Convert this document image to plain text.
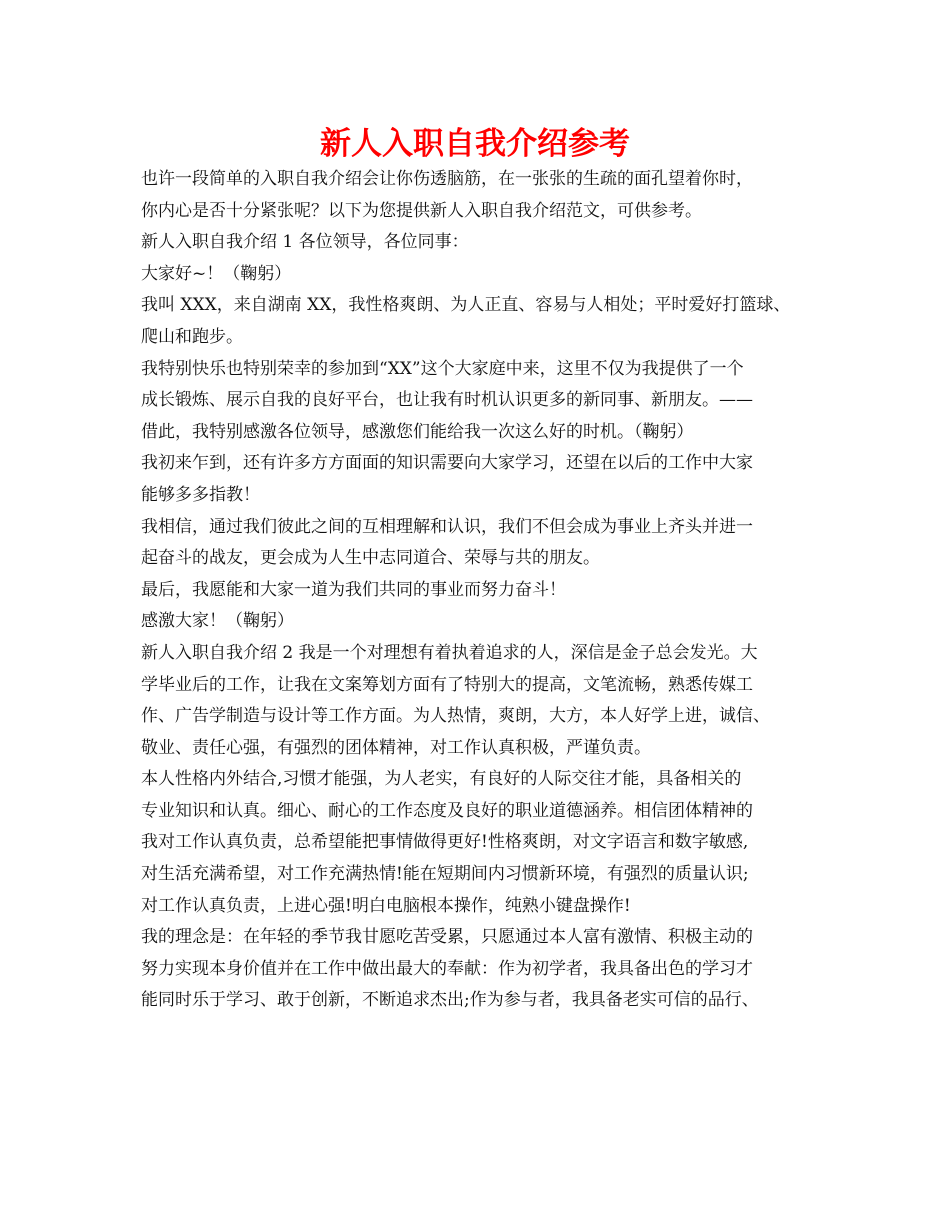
新人入职自我介绍参考
也许一段简单的入职自我介绍会让你伤透脑筋，在一张张的生疏的面孔望着你时，
你内心是否十分紧张呢？以下为您提供新人入职自我介绍范文，可供参考。
新人入职自我介绍 1 各位领导，各位同事：
大家好~！（鞠躬）
我叫 XXX，来自湖南 XX，我性格爽朗、为人正直、容易与人相处；平时爱好打篮球、
爬山和跑步。
我特别快乐也特别荣幸的参加到“XX”这个大家庭中来，这里不仅为我提供了一个
成长锻炼、展示自我的良好平台，也让我有时机认识更多的新同事、新朋友。——
借此，我特别感激各位领导，感激您们能给我一次这么好的时机。（鞠躬）
我初来乍到，还有许多方方面面的知识需要向大家学习，还望在以后的工作中大家
能够多多指教！
我相信，通过我们彼此之间的互相理解和认识，我们不但会成为事业上齐头并进一
起奋斗的战友，更会成为人生中志同道合、荣辱与共的朋友。
最后，我愿能和大家一道为我们共同的事业而努力奋斗！
感激大家！（鞠躬）
新人入职自我介绍 2 我是一个对理想有着执着追求的人，深信是金子总会发光。大
学毕业后的工作，让我在文案筹划方面有了特别大的提高，文笔流畅，熟悉传媒工
作、广告学制造与设计等工作方面。为人热情，爽朗，大方，本人好学上进，诚信、
敬业、责任心强，有强烈的团体精神，对工作认真积极，严谨负责。
本人性格内外结合,习惯才能强，为人老实，有良好的人际交往才能，具备相关的
专业知识和认真。细心、耐心的工作态度及良好的职业道德涵养。相信团体精神的
我对工作认真负责，总希望能把事情做得更好!性格爽朗，对文字语言和数字敏感,
对生活充满希望，对工作充满热情!能在短期间内习惯新环境，有强烈的质量认识;
对工作认真负责，上进心强!明白电脑根本操作，纯熟小键盘操作!
我的理念是：在年轻的季节我甘愿吃苦受累，只愿通过本人富有激情、积极主动的
努力实现本身价值并在工作中做出最大的奉献：作为初学者，我具备出色的学习才
能同时乐于学习、敢于创新，不断追求杰出;作为参与者，我具备老实可信的品行、
